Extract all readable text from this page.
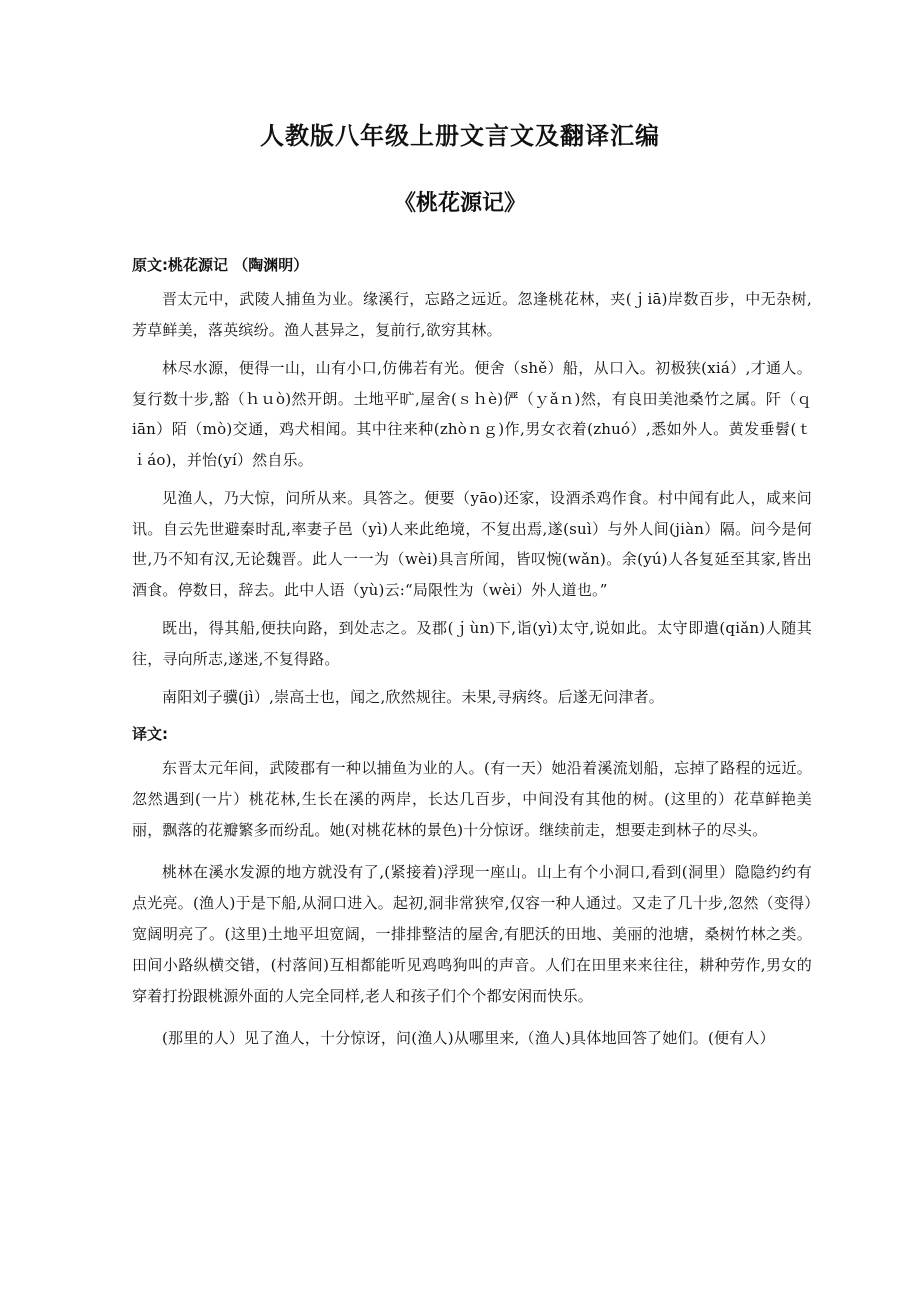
人教版八年级上册文言文及翻译汇编
《桃花源记》
原文:桃花源记 （陶渊明）

晋太元中，武陵人捕鱼为业。缘溪行，忘路之远近。忽逢桃花林，夹(ｊiā)岸数百步，中无杂树,芳草鲜美，落英缤纷。渔人甚异之，复前行,欲穷其林。

林尽水源，便得一山，山有小口,仿佛若有光。便舍（shě）船，从口入。初极狭(xiá）,才通人。复行数十步,豁（ｈｕò)然开朗。土地平旷,屋舍(ｓｈè)俨（ｙǎｎ)然，有良田美池桑竹之属。阡（ｑiān）陌（mò)交通，鸡犬相闻。其中往来种(zhòｎｇ)作,男女衣着(zhuó）,悉如外人。黄发垂髫(ｔｉáo)，并怡(yí）然自乐。

见渔人，乃大惊，问所从来。具答之。便要（yāo)还家，设酒杀鸡作食。村中闻有此人，咸来问讯。自云先世避秦时乱,率妻子邑（yì)人来此绝境，不复出焉,遂(suì）与外人间(jiàn）隔。问今是何世,乃不知有汉,无论魏晋。此人一一为（wèi)具言所闻，皆叹惋(wǎn)。余(yú)人各复延至其家,皆出酒食。停数日，辞去。此中人语（yù)云:“局限性为（wèi）外人道也。”

既出，得其船,便扶向路，到处志之。及郡(ｊùn)下,诣(yì)太守,说如此。太守即遣(qiǎn)人随其往，寻向所志,遂迷,不复得路。

南阳刘子骥(jì）,崇高士也，闻之,欣然规往。未果,寻病终。后遂无问津者。

译文:

东晋太元年间，武陵郡有一种以捕鱼为业的人。(有一天）她沿着溪流划船，忘掉了路程的远近。忽然遇到(一片）桃花林,生长在溪的两岸，长达几百步，中间没有其他的树。(这里的）花草鲜艳美丽，飘落的花瓣繁多而纷乱。她(对桃花林的景色)十分惊讶。继续前走，想要走到林子的尽头。

桃林在溪水发源的地方就没有了,(紧接着)浮现一座山。山上有个小洞口,看到(洞里）隐隐约约有点光亮。(渔人)于是下船,从洞口进入。起初,洞非常狭窄,仅容一种人通过。又走了几十步,忽然（变得）宽阔明亮了。(这里)土地平坦宽阔，一排排整洁的屋舍,有肥沃的田地、美丽的池塘，桑树竹林之类。田间小路纵横交错，(村落间)互相都能听见鸡鸣狗叫的声音。人们在田里来来往往，耕种劳作,男女的穿着打扮跟桃源外面的人完全同样,老人和孩子们个个都安闲而快乐。

(那里的人）见了渔人，十分惊讶，问(渔人)从哪里来,（渔人)具体地回答了她们。(便有人）
